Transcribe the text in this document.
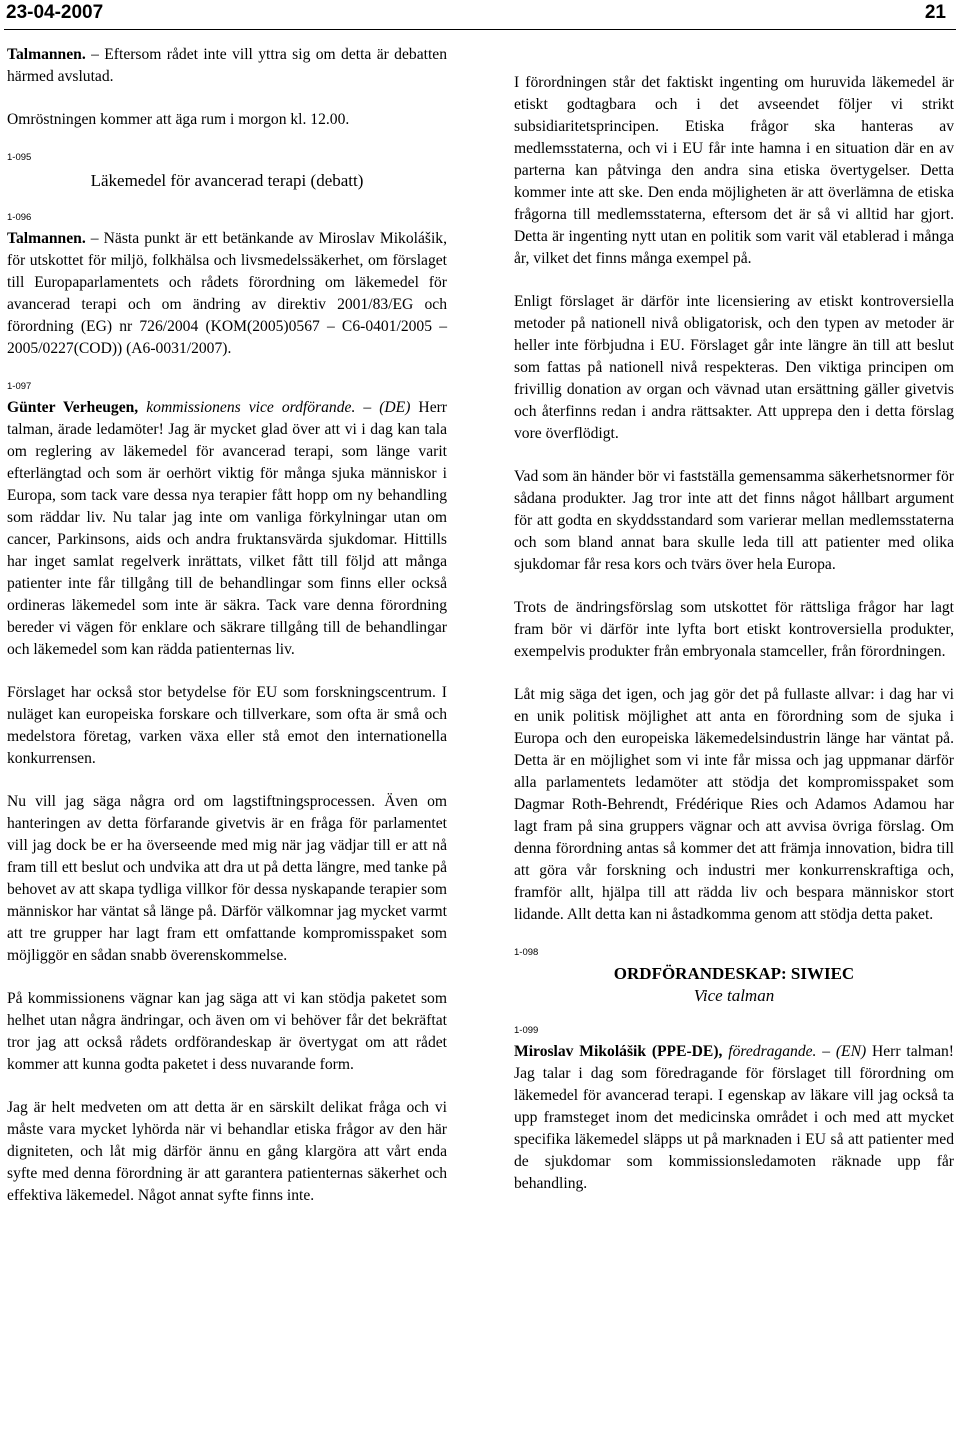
23-04-2007	21

Talmannen. – Eftersom rådet inte vill yttra sig om detta är debatten härmed avslutad.

Omröstningen kommer att äga rum i morgon kl. 12.00.

1-095
Läkemedel för avancerad terapi (debatt)
1-096

Talmannen. – Nästa punkt är ett betänkande av Miroslav Mikolášik, för utskottet för miljö, folkhälsa och livsmedelssäkerhet, om förslaget till Europaparlamentets och rådets förordning om läkemedel för avancerad terapi och om ändring av direktiv 2001/83/EG och förordning (EG) nr 726/2004 (KOM(2005)0567 – C6-0401/2005 – 2005/0227(COD)) (A6-0031/2007).

1-097

Günter Verheugen, kommissionens vice ordförande. – (DE) Herr talman, ärade ledamöter! Jag är mycket glad över att vi i dag kan tala om reglering av läkemedel för avancerad terapi, som länge varit efterlängtad och som är oerhört viktig för många sjuka människor i Europa, som tack vare dessa nya terapier fått hopp om ny behandling som räddar liv. Nu talar jag inte om vanliga förkylningar utan om cancer, Parkinsons, aids och andra fruktansvärda sjukdomar. Hittills har inget samlat regelverk inrättats, vilket fått till följd att många patienter inte får tillgång till de behandlingar som finns eller också ordineras läkemedel som inte är säkra. Tack vare denna förordning bereder vi vägen för enklare och säkrare tillgång till de behandlingar och läkemedel som kan rädda patienternas liv.

Förslaget har också stor betydelse för EU som forskningscentrum. I nuläget kan europeiska forskare och tillverkare, som ofta är små och medelstora företag, varken växa eller stå emot den internationella konkurrensen.

Nu vill jag säga några ord om lagstiftningsprocessen. Även om hanteringen av detta förfarande givetvis är en fråga för parlamentet vill jag dock be er ha överseende med mig när jag vädjar till er att nå fram till ett beslut och undvika att dra ut på detta längre, med tanke på behovet av att skapa tydliga villkor för dessa nyskapande terapier som människor har väntat så länge på. Därför välkomnar jag mycket varmt att tre grupper har lagt fram ett omfattande kompromisspaket som möjliggör en sådan snabb överenskommelse.

På kommissionens vägnar kan jag säga att vi kan stödja paketet som helhet utan några ändringar, och även om vi behöver får det bekräftat tror jag att också rådets ordförandeskap är övertygat om att rådet kommer att kunna godta paketet i dess nuvarande form.

Jag är helt medveten om att detta är en särskilt delikat fråga och vi måste vara mycket lyhörda när vi behandlar etiska frågor av den här digniteten, och låt mig därför ännu en gång klargöra att vårt enda syfte med denna förordning är att garantera patienternas säkerhet och effektiva läkemedel. Något annat syfte finns inte.

I förordningen står det faktiskt ingenting om huruvida läkemedel är etiskt godtagbara och i det avseendet följer vi strikt subsidiaritetsprincipen. Etiska frågor ska hanteras av medlemsstaterna, och vi i EU får inte hamna i en situation där en av parterna kan påtvinga den andra sina etiska övertygelser. Detta kommer inte att ske. Den enda möjligheten är att överlämna de etiska frågorna till medlemsstaterna, eftersom det är så vi alltid har gjort. Detta är ingenting nytt utan en politik som varit väl etablerad i många år, vilket det finns många exempel på.

Enligt förslaget är därför inte licensiering av etiskt kontroversiella metoder på nationell nivå obligatorisk, och den typen av metoder är heller inte förbjudna i EU. Förslaget går inte längre än till att beslut som fattas på nationell nivå respekteras. Den viktiga principen om frivillig donation av organ och vävnad utan ersättning gäller givetvis och återfinns redan i andra rättsakter. Att upprepa den i detta förslag vore överflödigt.

Vad som än händer bör vi fastställa gemensamma säkerhetsnormer för sådana produkter. Jag tror inte att det finns något hållbart argument för att godta en skyddsstandard som varierar mellan medlemsstaterna och som bland annat bara skulle leda till att patienter med olika sjukdomar får resa kors och tvärs över hela Europa.

Trots de ändringsförslag som utskottet för rättsliga frågor har lagt fram bör vi därför inte lyfta bort etiskt kontroversiella produkter, exempelvis produkter från embryonala stamceller, från förordningen.

Låt mig säga det igen, och jag gör det på fullaste allvar: i dag har vi en unik politisk möjlighet att anta en förordning som de sjuka i Europa och den europeiska läkemedelsindustrin länge har väntat på. Detta är en möjlighet som vi inte får missa och jag uppmanar därför alla parlamentets ledamöter att stödja det kompromisspaket som Dagmar Roth-Behrendt, Frédérique Ries och Adamos Adamou har lagt fram på sina gruppers vägnar och att avvisa övriga förslag. Om denna förordning antas så kommer det att främja innovation, bidra till att göra vår forskning och industri mer konkurrenskraftiga och, framför allt, hjälpa till att rädda liv och bespara människor stort lidande. Allt detta kan ni åstadkomma genom att stödja detta paket.

1-098
ORDFÖRANDESKAP: SIWIEC
Vice talman
1-099

Miroslav Mikolášik (PPE-DE), föredragande. – (EN) Herr talman! Jag talar i dag som föredragande för förslaget till förordning om läkemedel för avancerad terapi. I egenskap av läkare vill jag också ta upp framsteget inom det medicinska området i och med att mycket specifika läkemedel släpps ut på marknaden i EU så att patienter med de sjukdomar som kommissionsledamoten räknade upp får behandling.
